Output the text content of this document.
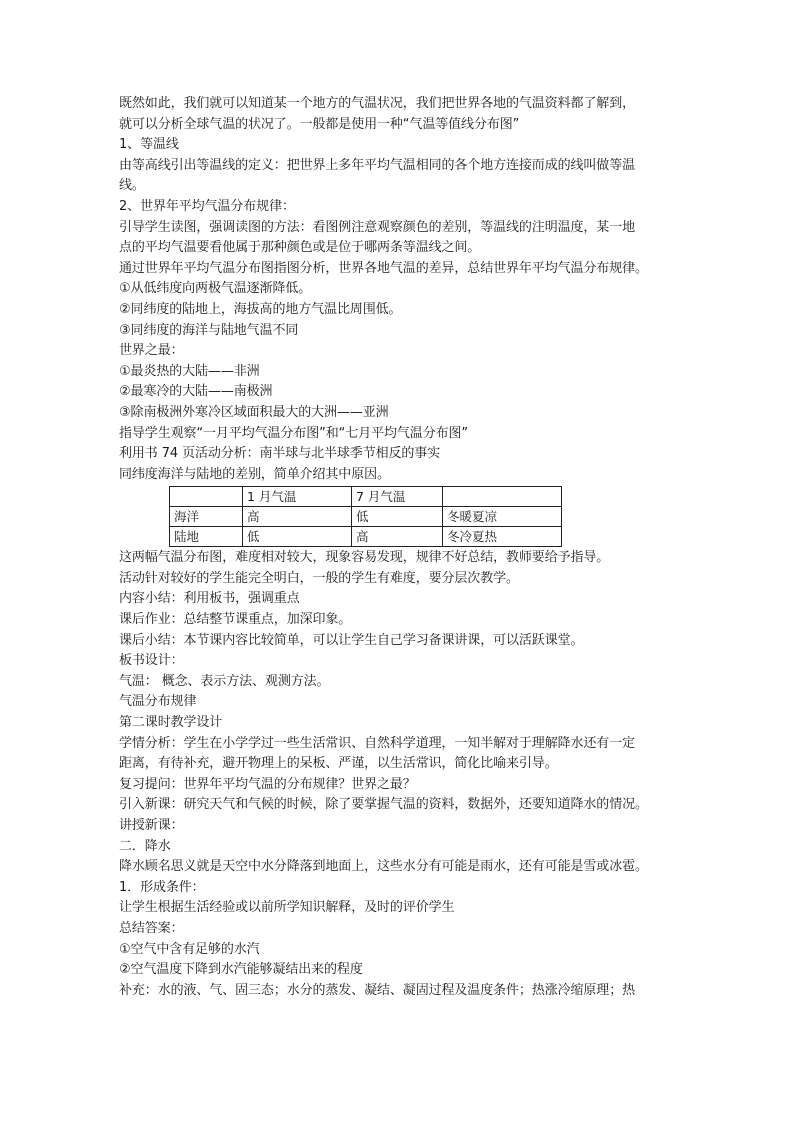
既然如此，我们就可以知道某一个地方的气温状况，我们把世界各地的气温资料都了解到，
就可以分析全球气温的状况了。一般都是使用一种“气温等值线分布图”
1、等温线
由等高线引出等温线的定义：把世界上多年平均气温相同的各个地方连接而成的线叫做等温
线。
2、世界年平均气温分布规律：
引导学生读图，强调读图的方法：看图例注意观察颜色的差别，等温线的注明温度，某一地
点的平均气温要看他属于那种颜色或是位于哪两条等温线之间。
通过世界年平均气温分布图指图分析，世界各地气温的差异，总结世界年平均气温分布规律。
①从低纬度向两极气温逐渐降低。
②同纬度的陆地上，海拔高的地方气温比周围低。
③同纬度的海洋与陆地气温不同
世界之最：
①最炎热的大陆——非洲
②最寒冷的大陆——南极洲
③除南极洲外寒冷区域面积最大的大洲——亚洲
指导学生观察“一月平均气温分布图”和“七月平均气温分布图”
利用书 74 页活动分析：南半球与北半球季节相反的事实
同纬度海洋与陆地的差别，简单介绍其中原因。
	1 月气温	7 月气温	
海洋	高	低	冬暖夏凉
陆地	低	高	冬冷夏热
这两幅气温分布图，难度相对较大，现象容易发现，规律不好总结，教师要给予指导。
活动针对较好的学生能完全明白，一般的学生有难度，要分层次教学。
内容小结：利用板书，强调重点
课后作业：总结整节课重点，加深印象。
课后小结：本节课内容比较简单，可以让学生自己学习备课讲课，可以活跃课堂。
板书设计：
气温： 概念、表示方法、观测方法。
气温分布规律
第二课时教学设计
学情分析：学生在小学学过一些生活常识、自然科学道理，一知半解对于理解降水还有一定
距离，有待补充，避开物理上的呆板、严谨，以生活常识，简化比喻来引导。
复习提问：世界年平均气温的分布规律？世界之最？
引入新课：研究天气和气候的时候，除了要掌握气温的资料，数据外，还要知道降水的情况。
讲授新课：
二．降水
降水顾名思义就是天空中水分降落到地面上，这些水分有可能是雨水，还有可能是雪或冰雹。
1．形成条件：
让学生根据生活经验或以前所学知识解释，及时的评价学生
总结答案：
①空气中含有足够的水汽
②空气温度下降到水汽能够凝结出来的程度
补充：水的液、气、固三态；水分的蒸发、凝结、凝固过程及温度条件；热涨冷缩原理；热
